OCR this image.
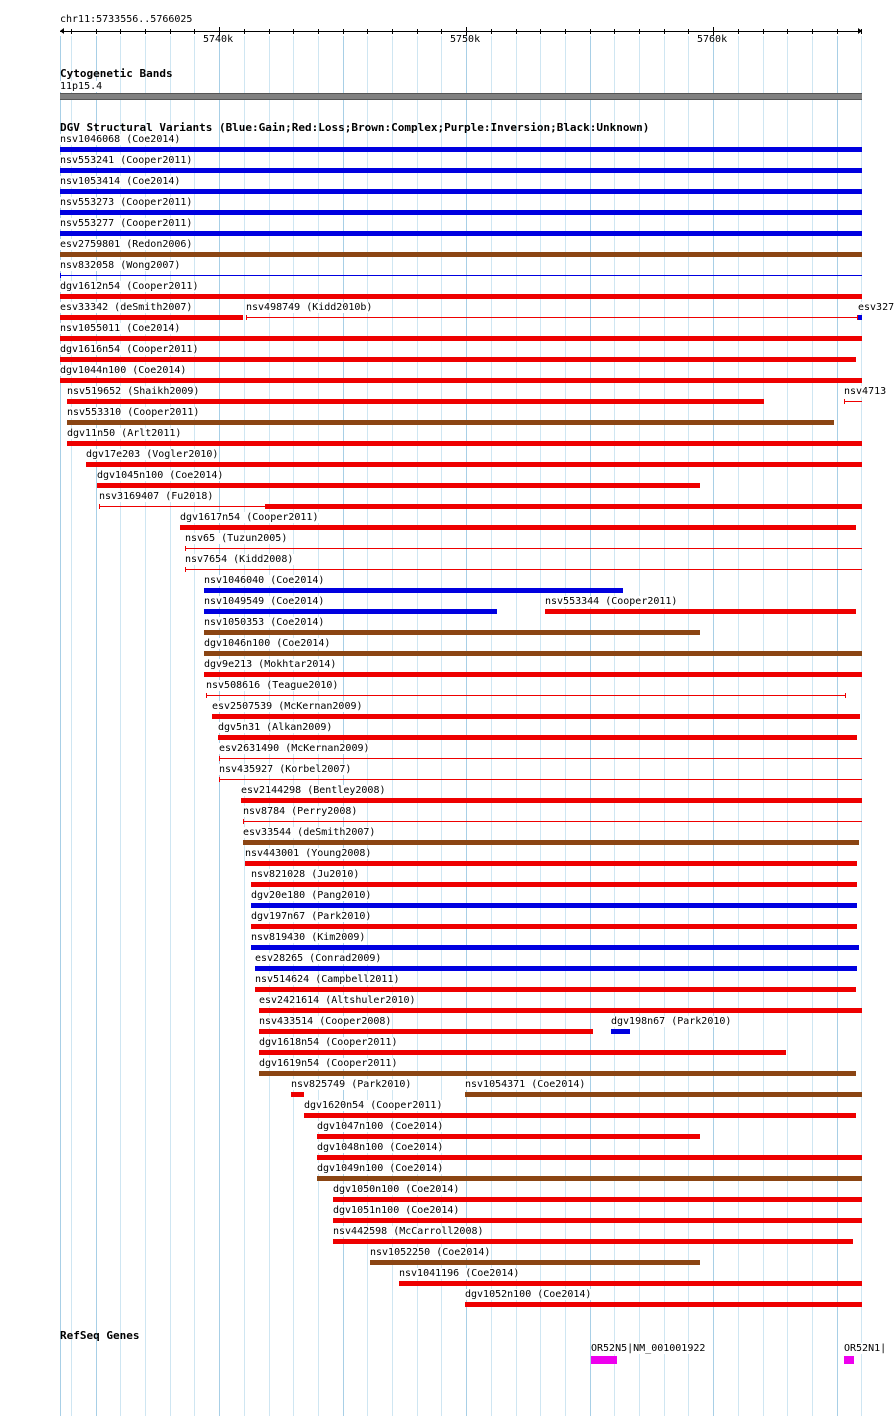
chr11:5733556..5766025
5740k	5750k	5760k
Cytogenetic Bands
11p15.4
DGV Structural Variants (Blue:Gain;Red:Loss;Brown:Complex;Purple:Inversion;Black:Unknown)
nsv1046068 (Coe2014)
nsv553241 (Cooper2011)
nsv1053414 (Coe2014)
nsv553273 (Cooper2011)
nsv553277 (Cooper2011)
esv2759801 (Redon2006)
nsv832058 (Wong2007)
dgv1612n54 (Cooper2011)
esv33342 (deSmith2007)	nsv498749 (Kidd2010b)	esv327
nsv1055011 (Coe2014)
dgv1616n54 (Cooper2011)
dgv1044n100 (Coe2014)
nsv519652 (Shaikh2009)	nsv4713
nsv553310 (Cooper2011)
dgv11n50 (Arlt2011)
dgv17e203 (Vogler2010)
dgv1045n100 (Coe2014)
nsv3169407 (Fu2018)
dgv1617n54 (Cooper2011)
nsv65 (Tuzun2005)
nsv7654 (Kidd2008)
nsv1046040 (Coe2014)
nsv1049549 (Coe2014)	nsv553344 (Cooper2011)
nsv1050353 (Coe2014)
dgv1046n100 (Coe2014)
dgv9e213 (Mokhtar2014)
nsv508616 (Teague2010)
esv2507539 (McKernan2009)
dgv5n31 (Alkan2009)
esv2631490 (McKernan2009)
nsv435927 (Korbel2007)
esv2144298 (Bentley2008)
nsv8784 (Perry2008)
esv33544 (deSmith2007)
nsv443001 (Young2008)
nsv821028 (Ju2010)
dgv20e180 (Pang2010)
dgv197n67 (Park2010)
nsv819430 (Kim2009)
esv28265 (Conrad2009)
nsv514624 (Campbell2011)
esv2421614 (Altshuler2010)
nsv433514 (Cooper2008)	dgv198n67 (Park2010)
dgv1618n54 (Cooper2011)
dgv1619n54 (Cooper2011)
nsv825749 (Park2010)	nsv1054371 (Coe2014)
dgv1620n54 (Cooper2011)
dgv1047n100 (Coe2014)
dgv1048n100 (Coe2014)
dgv1049n100 (Coe2014)
dgv1050n100 (Coe2014)
dgv1051n100 (Coe2014)
nsv442598 (McCarroll2008)
nsv1052250 (Coe2014)
nsv1041196 (Coe2014)
dgv1052n100 (Coe2014)
RefSeq Genes
OR52N5|NM_001001922	OR52N1|
